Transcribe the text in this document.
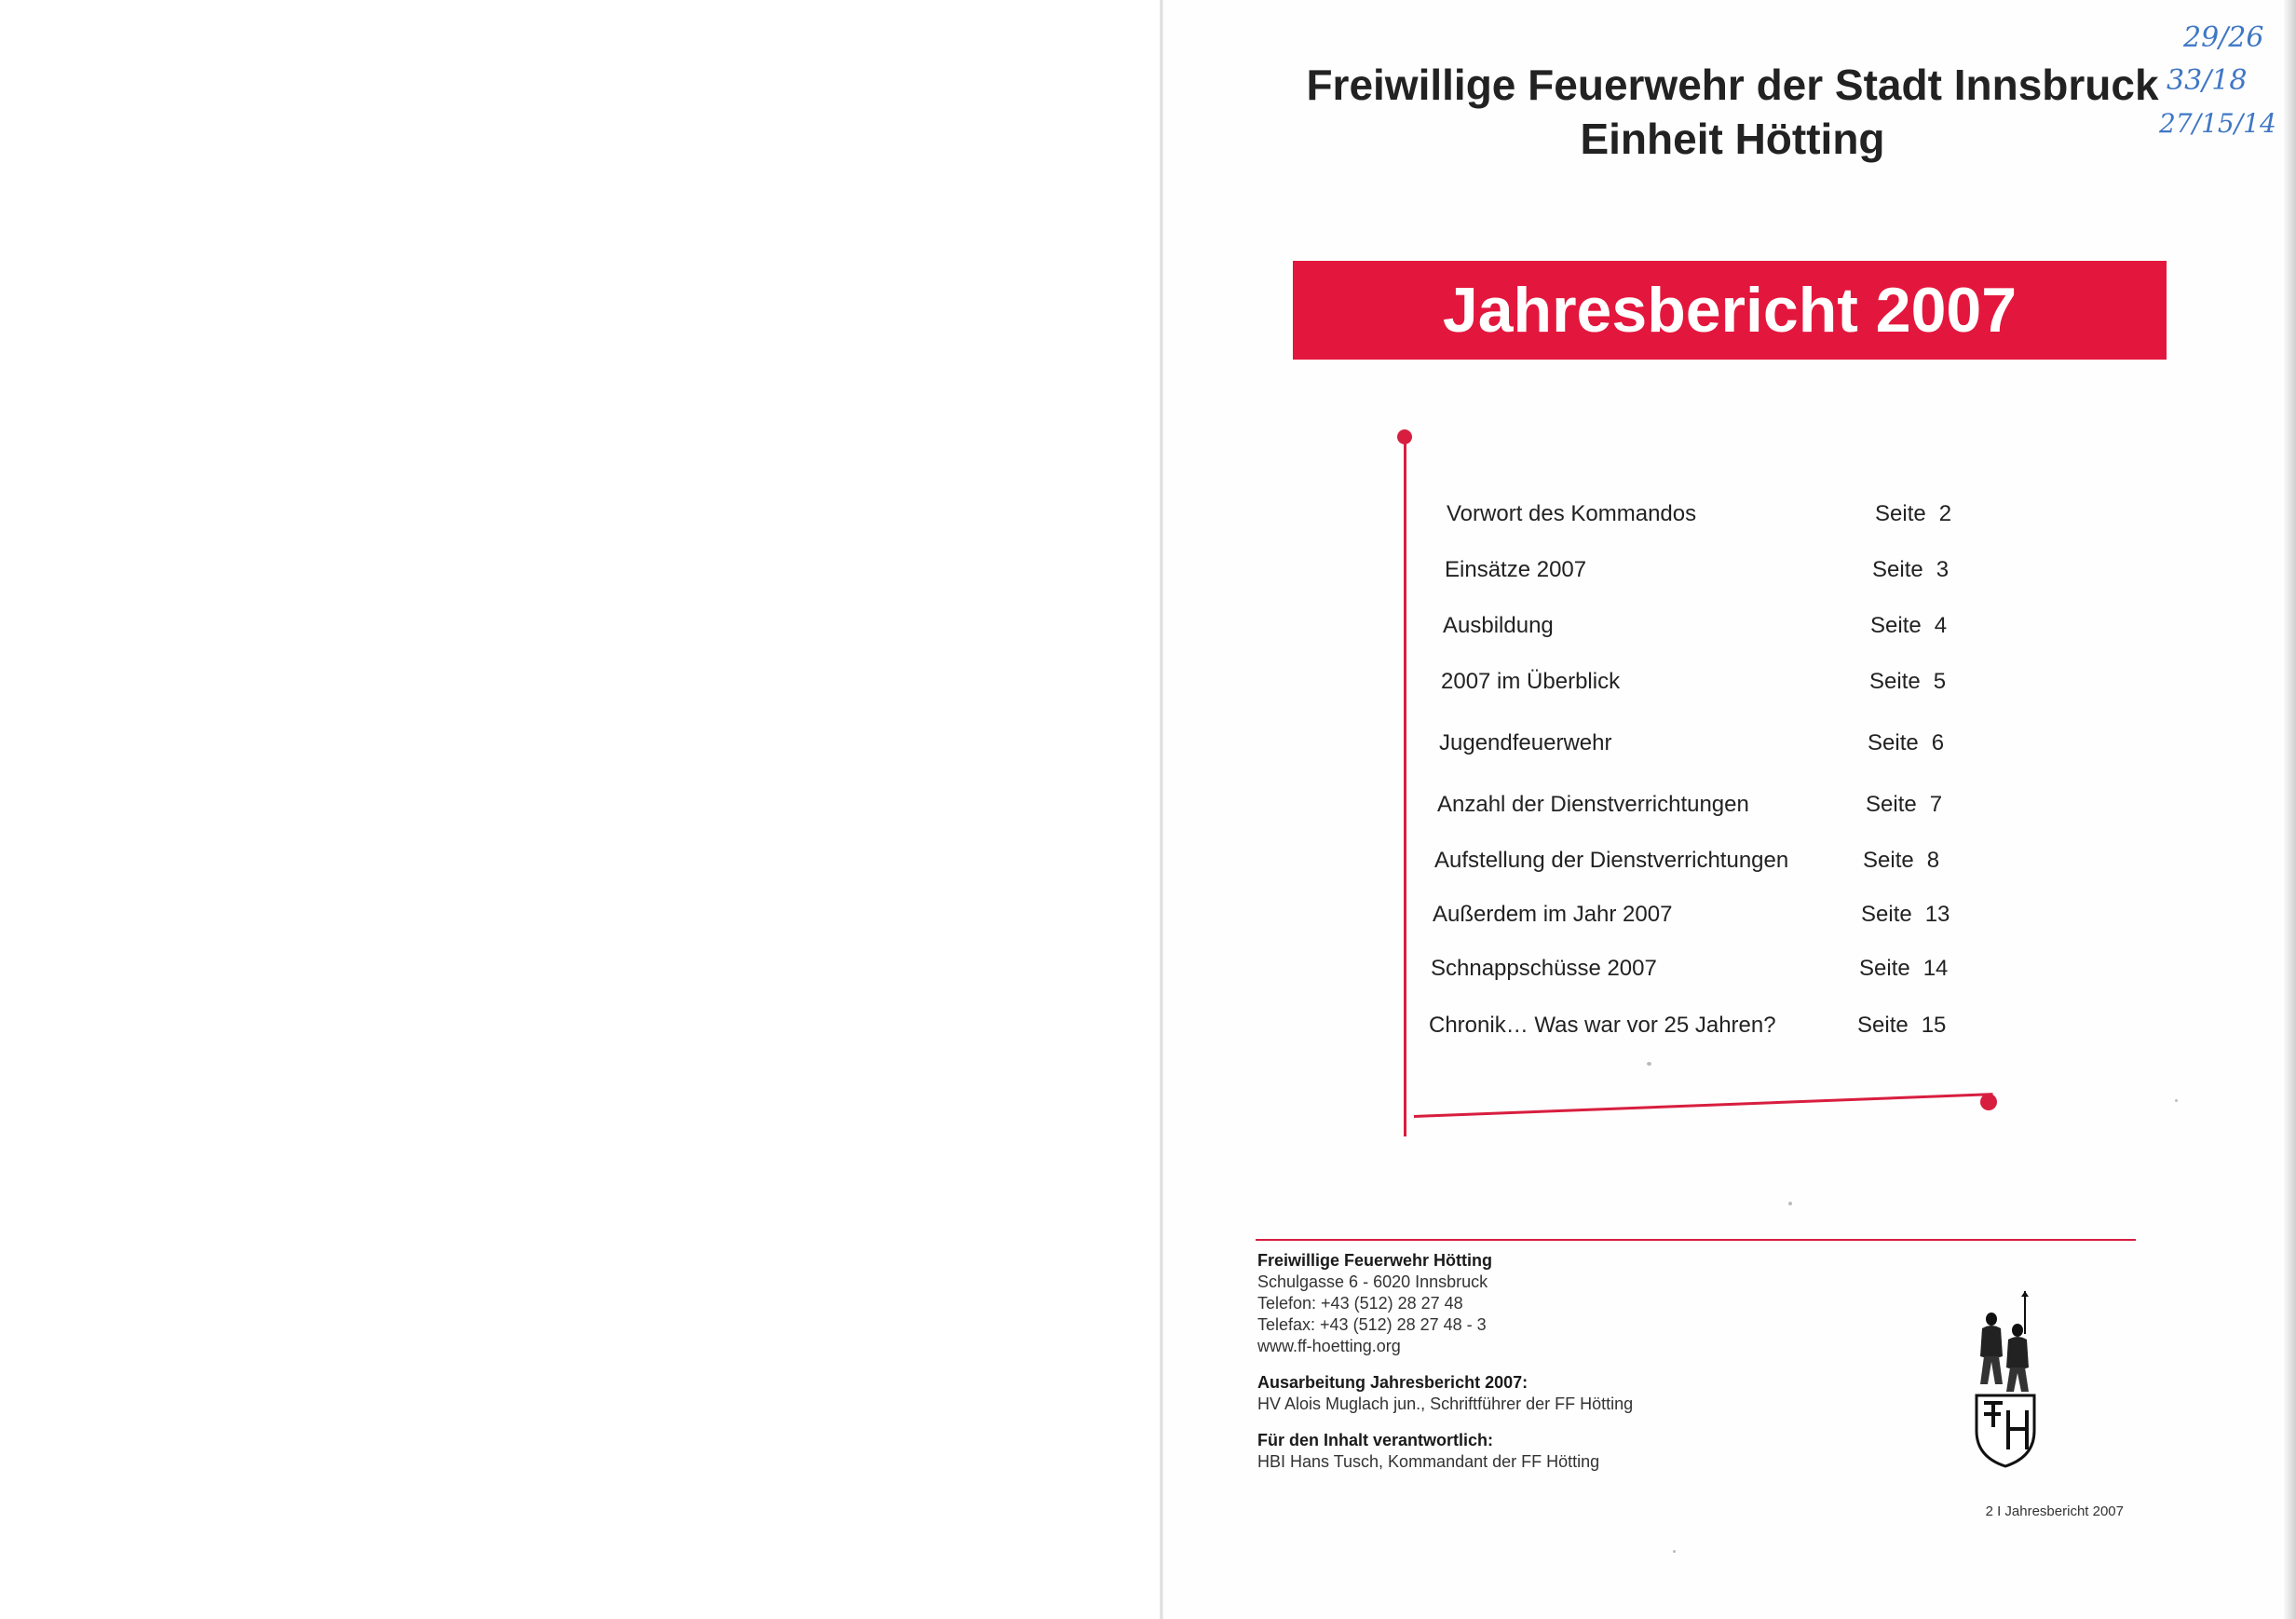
Freiwillige Feuerwehr der Stadt Innsbruck
Einheit Hötting
29/26
33/18
27/15/14
Jahresbericht 2007
Vorwort des Kommandos	Seite 2
Einsätze 2007	Seite 3
Ausbildung	Seite 4
2007 im Überblick	Seite 5
Jugendfeuerwehr	Seite 6
Anzahl der Dienstverrichtungen	Seite 7
Aufstellung der Dienstverrichtungen	Seite 8
Außerdem im Jahr 2007	Seite 13
Schnappschüsse 2007	Seite 14
Chronik… Was war vor 25 Jahren?	Seite 15
Freiwillige Feuerwehr Hötting
Schulgasse 6 - 6020 Innsbruck
Telefon: +43 (512) 28 27 48
Telefax: +43 (512) 28 27 48 - 3
www.ff-hoetting.org
Ausarbeitung Jahresbericht 2007:
HV Alois Muglach jun., Schriftführer der FF Hötting
Für den Inhalt verantwortlich:
HBI Hans Tusch, Kommandant der FF Hötting
2 I Jahresbericht 2007
